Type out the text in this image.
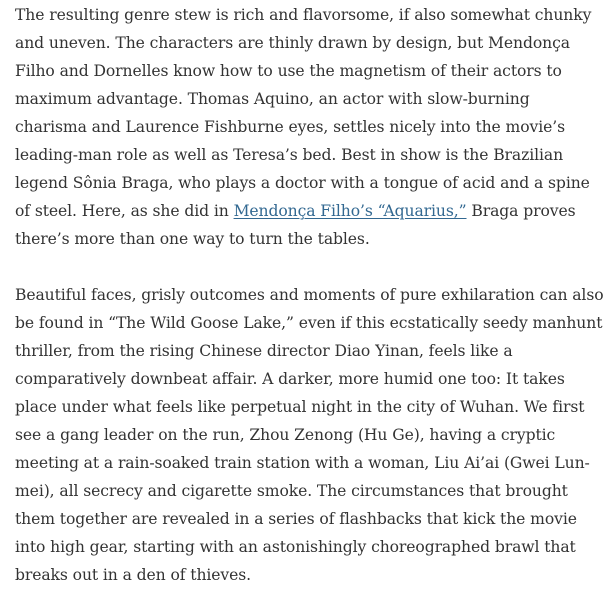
The resulting genre stew is rich and flavorsome, if also somewhat chunky and uneven. The characters are thinly drawn by design, but Mendonça Filho and Dornelles know how to use the magnetism of their actors to maximum advantage. Thomas Aquino, an actor with slow-burning charisma and Laurence Fishburne eyes, settles nicely into the movie’s leading-man role as well as Teresa’s bed. Best in show is the Brazilian legend Sônia Braga, who plays a doctor with a tongue of acid and a spine of steel. Here, as she did in Mendonça Filho’s “Aquarius,” Braga proves there’s more than one way to turn the tables.

Beautiful faces, grisly outcomes and moments of pure exhilaration can also be found in “The Wild Goose Lake,” even if this ecstatically seedy manhunt thriller, from the rising Chinese director Diao Yinan, feels like a comparatively downbeat affair. A darker, more humid one too: It takes place under what feels like perpetual night in the city of Wuhan. We first see a gang leader on the run, Zhou Zenong (Hu Ge), having a cryptic meeting at a rain-soaked train station with a woman, Liu Ai’ai (Gwei Lun-mei), all secrecy and cigarette smoke. The circumstances that brought them together are revealed in a series of flashbacks that kick the movie into high gear, starting with an astonishingly choreographed brawl that breaks out in a den of thieves.
